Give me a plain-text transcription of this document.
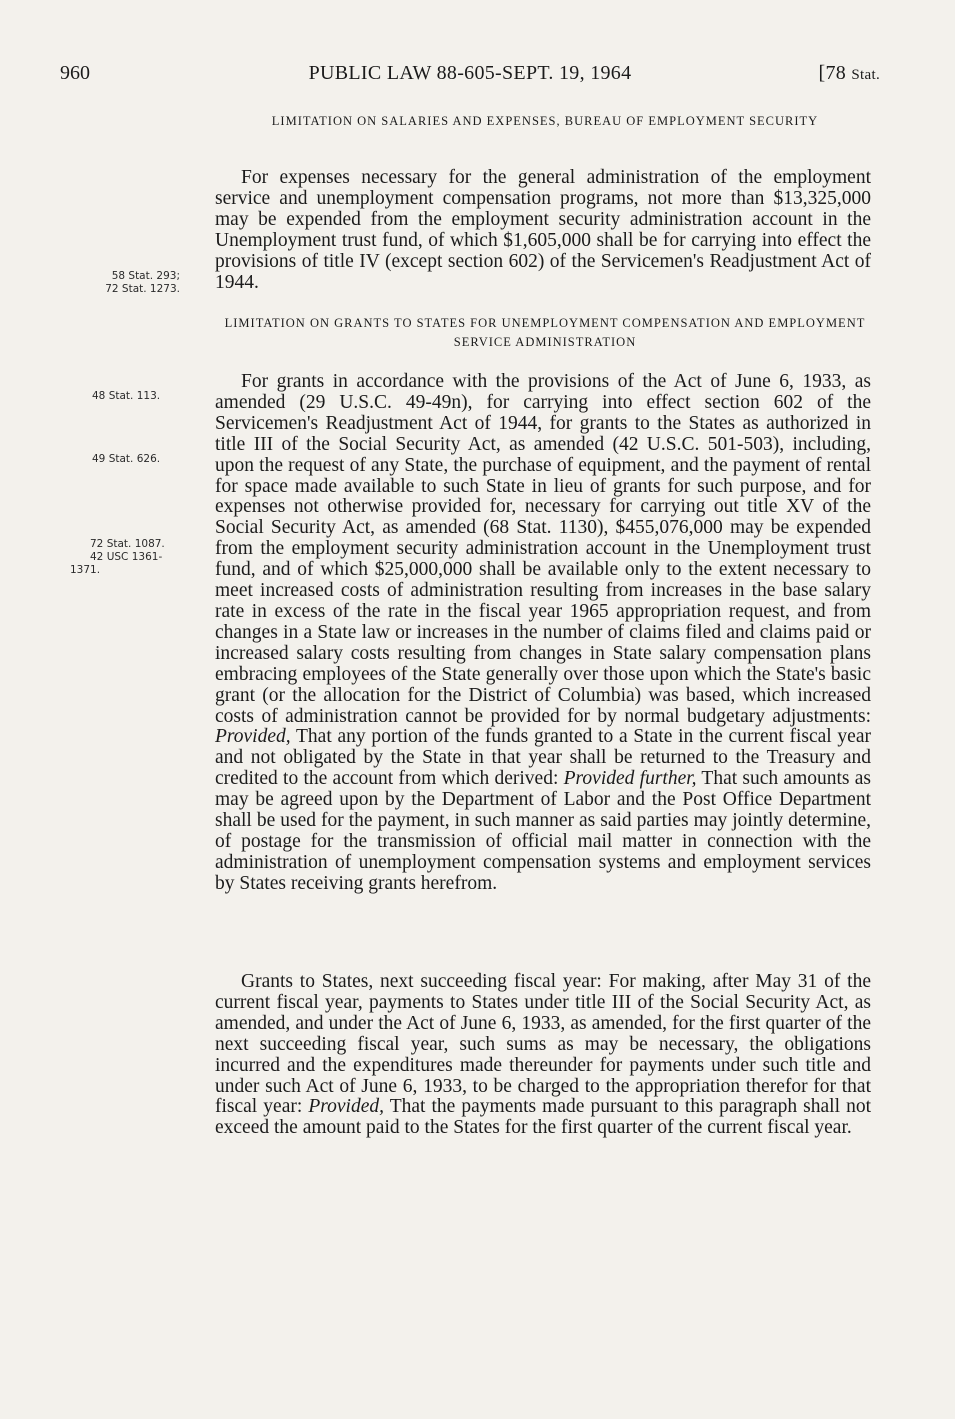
960	PUBLIC LAW 88-605-SEPT. 19, 1964	[78 Stat.
LIMITATION ON SALARIES AND EXPENSES, BUREAU OF EMPLOYMENT SECURITY

For expenses necessary for the general administration of the employment service and unemployment compensation programs, not more than $13,325,000 may be expended from the employment security administration account in the Unemployment trust fund, of which $1,605,000 shall be for carrying into effect the provisions of title IV (except section 602) of the Servicemen's Readjustment Act of 1944.

LIMITATION ON GRANTS TO STATES FOR UNEMPLOYMENT COMPENSATION AND EMPLOYMENT SERVICE ADMINISTRATION

For grants in accordance with the provisions of the Act of June 6, 1933, as amended (29 U.S.C. 49-49n), for carrying into effect section 602 of the Servicemen's Readjustment Act of 1944, for grants to the States as authorized in title III of the Social Security Act, as amended (42 U.S.C. 501-503), including, upon the request of any State, the purchase of equipment, and the payment of rental for space made available to such State in lieu of grants for such purpose, and for expenses not otherwise provided for, necessary for carrying out title XV of the Social Security Act, as amended (68 Stat. 1130), $455,076,000 may be expended from the employment security administration account in the Unemployment trust fund, and of which $25,000,000 shall be available only to the extent necessary to meet increased costs of administration resulting from increases in the base salary rate in excess of the rate in the fiscal year 1965 appropriation request, and from changes in a State law or increases in the number of claims filed and claims paid or increased salary costs resulting from changes in State salary compensation plans embracing employees of the State generally over those upon which the State's basic grant (or the allocation for the District of Columbia) was based, which increased costs of administration cannot be provided for by normal budgetary adjustments: Provided, That any portion of the funds granted to a State in the current fiscal year and not obligated by the State in that year shall be returned to the Treasury and credited to the account from which derived: Provided further, That such amounts as may be agreed upon by the Department of Labor and the Post Office Department shall be used for the payment, in such manner as said parties may jointly determine, of postage for the transmission of official mail matter in connection with the administration of unemployment compensation systems and employment services by States receiving grants herefrom.

Grants to States, next succeeding fiscal year: For making, after May 31 of the current fiscal year, payments to States under title III of the Social Security Act, as amended, and under the Act of June 6, 1933, as amended, for the first quarter of the next succeeding fiscal year, such sums as may be necessary, the obligations incurred and the expenditures made thereunder for payments under such title and under such Act of June 6, 1933, to be charged to the appropriation therefor for that fiscal year: Provided, That the payments made pursuant to this paragraph shall not exceed the amount paid to the States for the first quarter of the current fiscal year.

58 Stat. 293;
72 Stat. 1273.
48 Stat. 113.
49 Stat. 626.
72 Stat. 1087.
42 USC 1361-
1371.
